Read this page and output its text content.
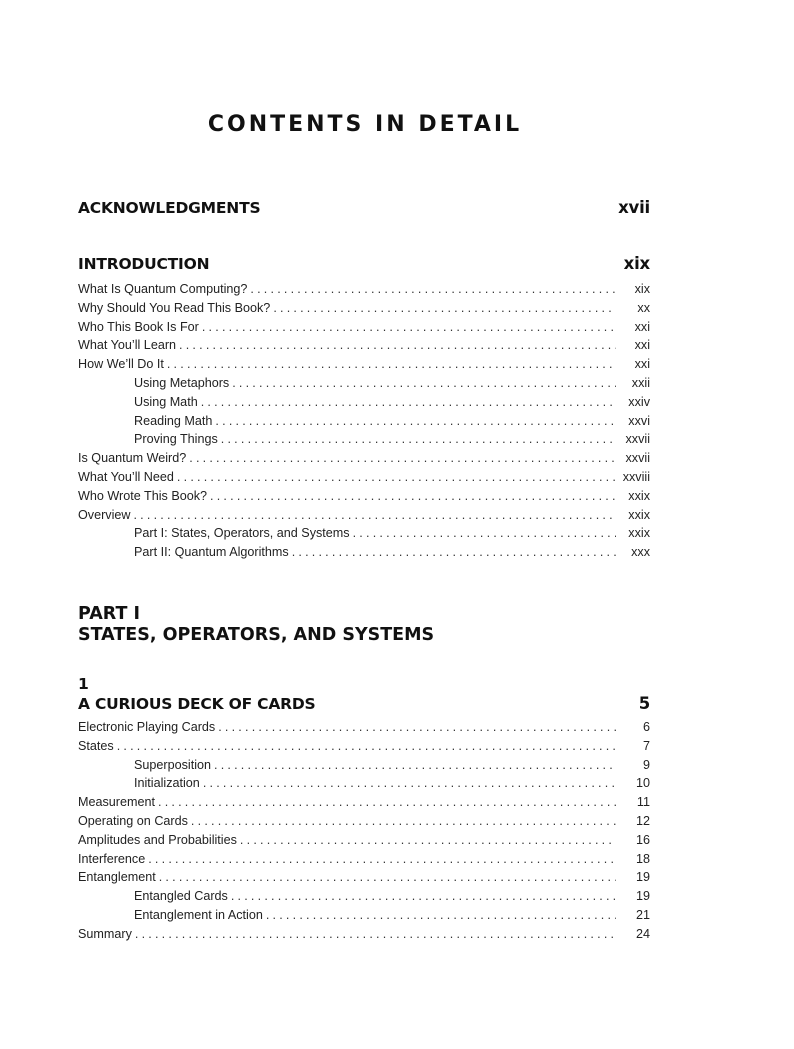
CONTENTS IN DETAIL
ACKNOWLEDGMENTS	xvii
INTRODUCTION	xix
What Is Quantum Computing? .....	xix
Why Should You Read This Book? .....	xx
Who This Book Is For .....	xxi
What You’ll Learn .....	xxi
How We’ll Do It .....	xxi
Using Metaphors .....	xxii
Using Math .....	xxiv
Reading Math .....	xxvi
Proving Things .....	xxvii
Is Quantum Weird? .....	xxvii
What You’ll Need .....	xxviii
Who Wrote This Book? .....	xxix
Overview .....	xxix
Part I: States, Operators, and Systems .....	xxix
Part II: Quantum Algorithms .....	xxx
PART I
STATES, OPERATORS, AND SYSTEMS
1
A CURIOUS DECK OF CARDS	5
Electronic Playing Cards .....	6
States .....	7
Superposition .....	9
Initialization .....	10
Measurement .....	11
Operating on Cards .....	12
Amplitudes and Probabilities .....	16
Interference .....	18
Entanglement .....	19
Entangled Cards .....	19
Entanglement in Action .....	21
Summary .....	24
